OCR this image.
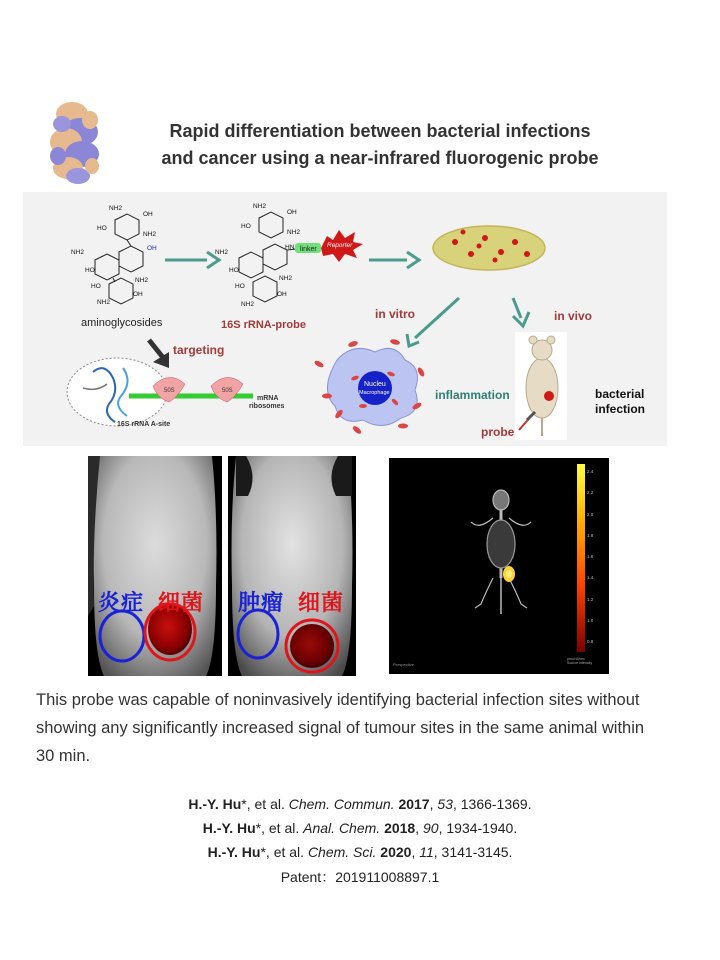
Rapid differentiation between bacterial infections
and cancer using a near-infrared fluorogenic probe
NH2
OH
HO
NH2
OH
NH2
HO
NH2
HO
OH
NH2
aminoglycosides
linker
Reporter
NH2
OH
HO
NH2
HN
NH2
HO
NH2
HO
OH
NH2
16S rRNA-probe
in vitro	in vivo
targeting
50S	50S
mRNA
ribosomes
16S rRNA A-site
Nucleu
Macrophage	inflammation	bacterial
infection
probe
炎症 细菌 肿瘤 细菌
2.4
2.2
2.0
1.8
1.6
1.4
1.2
1.0
0.8
Perspective
pmol M/cm²
Source Intensity
This probe was capable of noninvasively identifying bacterial infection sites without showing any significantly increased signal of tumour sites in the same animal within 30 min.
H.-Y. Hu*, et al. Chem. Commun. 2017, 53, 1366-1369.
H.-Y. Hu*, et al. Anal. Chem. 2018, 90, 1934-1940.
H.-Y. Hu*, et al. Chem. Sci. 2020, 11, 3141-3145.
Patent：201911008897.1
